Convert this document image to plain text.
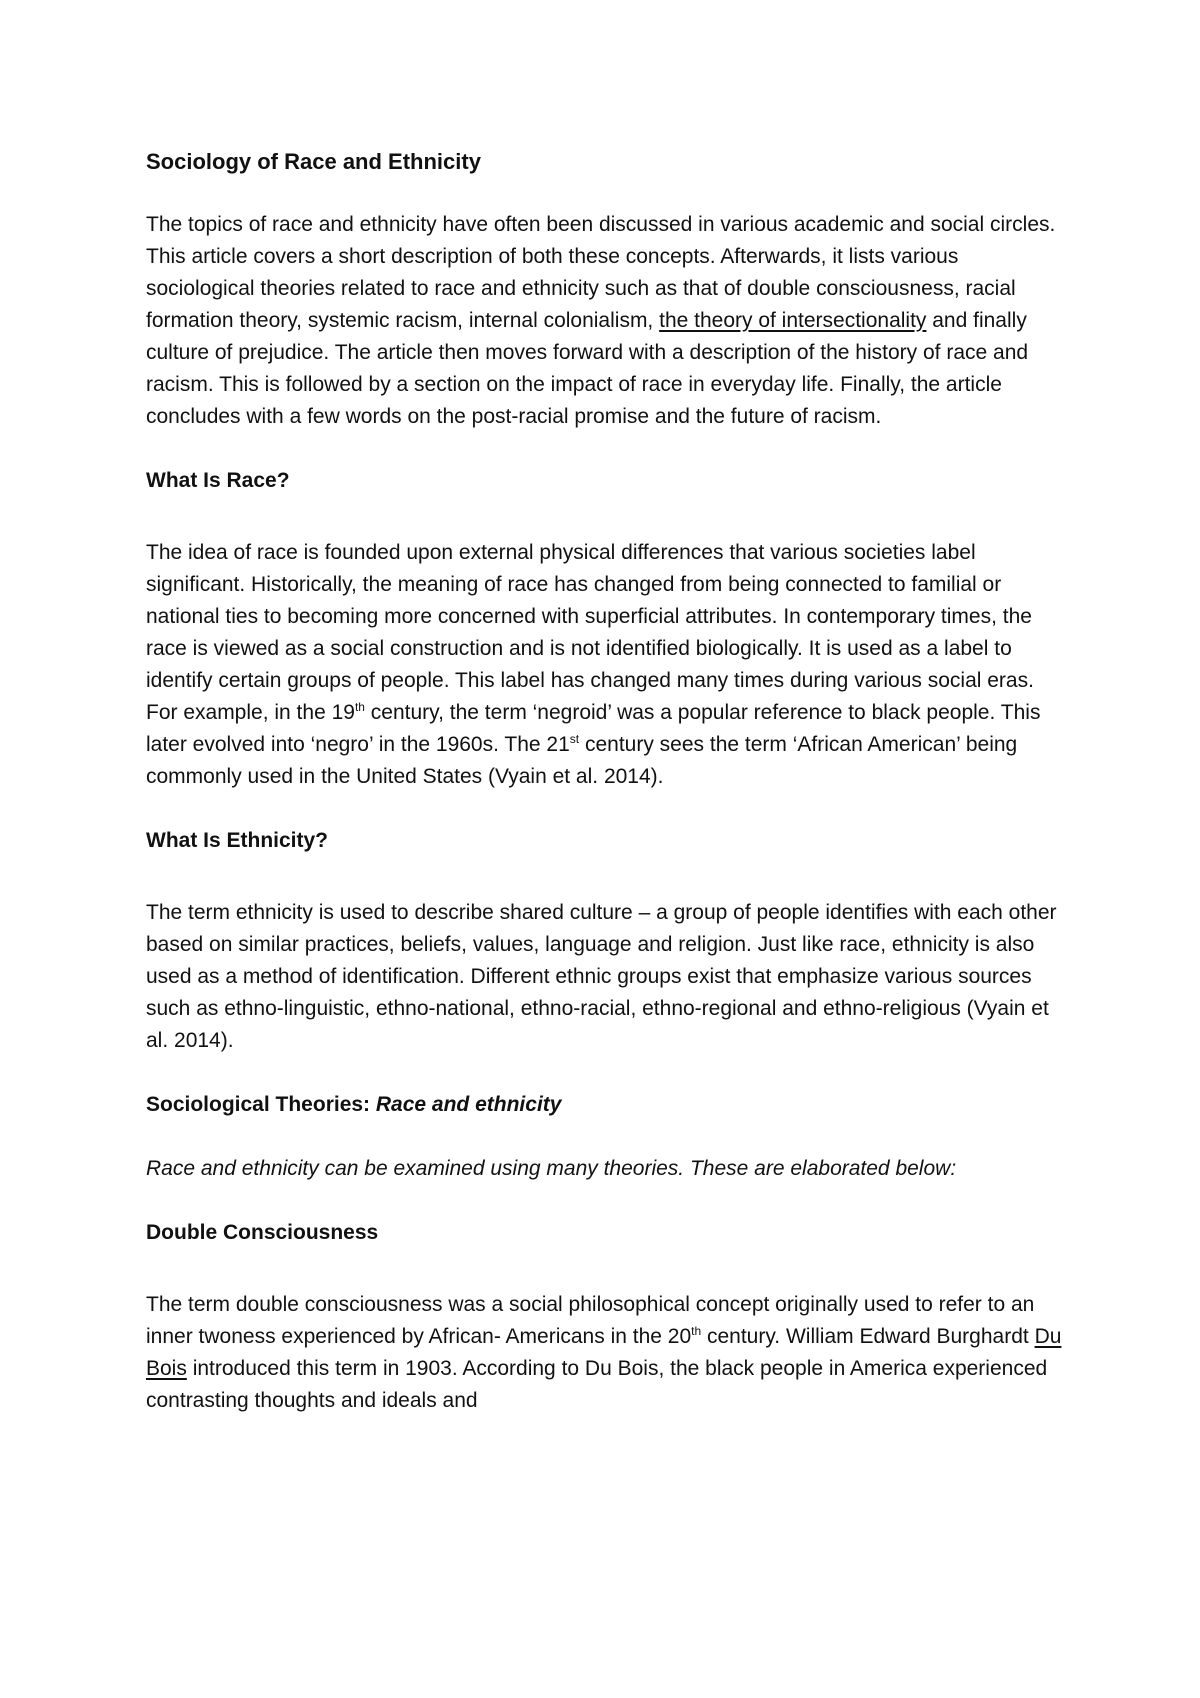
Sociology of Race and Ethnicity
The topics of race and ethnicity have often been discussed in various academic and social circles. This article covers a short description of both these concepts. Afterwards, it lists various sociological theories related to race and ethnicity such as that of double consciousness, racial formation theory, systemic racism, internal colonialism, the theory of intersectionality and finally culture of prejudice. The article then moves forward with a description of the history of race and racism. This is followed by a section on the impact of race in everyday life. Finally, the article concludes with a few words on the post-racial promise and the future of racism.
What Is Race?
The idea of race is founded upon external physical differences that various societies label significant. Historically, the meaning of race has changed from being connected to familial or national ties to becoming more concerned with superficial attributes. In contemporary times, the race is viewed as a social construction and is not identified biologically. It is used as a label to identify certain groups of people. This label has changed many times during various social eras. For example, in the 19th century, the term ‘negroid’ was a popular reference to black people. This later evolved into ‘negro’ in the 1960s. The 21st century sees the term ‘African American’ being commonly used in the United States (Vyain et al. 2014).
What Is Ethnicity?
The term ethnicity is used to describe shared culture – a group of people identifies with each other based on similar practices, beliefs, values, language and religion. Just like race, ethnicity is also used as a method of identification. Different ethnic groups exist that emphasize various sources such as ethno-linguistic, ethno-national, ethno-racial, ethno-regional and ethno-religious (Vyain et al. 2014).
Sociological Theories: Race and ethnicity
Race and ethnicity can be examined using many theories. These are elaborated below:
Double Consciousness
The term double consciousness was a social philosophical concept originally used to refer to an inner twoness experienced by African- Americans in the 20th century. William Edward Burghardt Du Bois introduced this term in 1903. According to Du Bois, the black people in America experienced contrasting thoughts and ideals and
